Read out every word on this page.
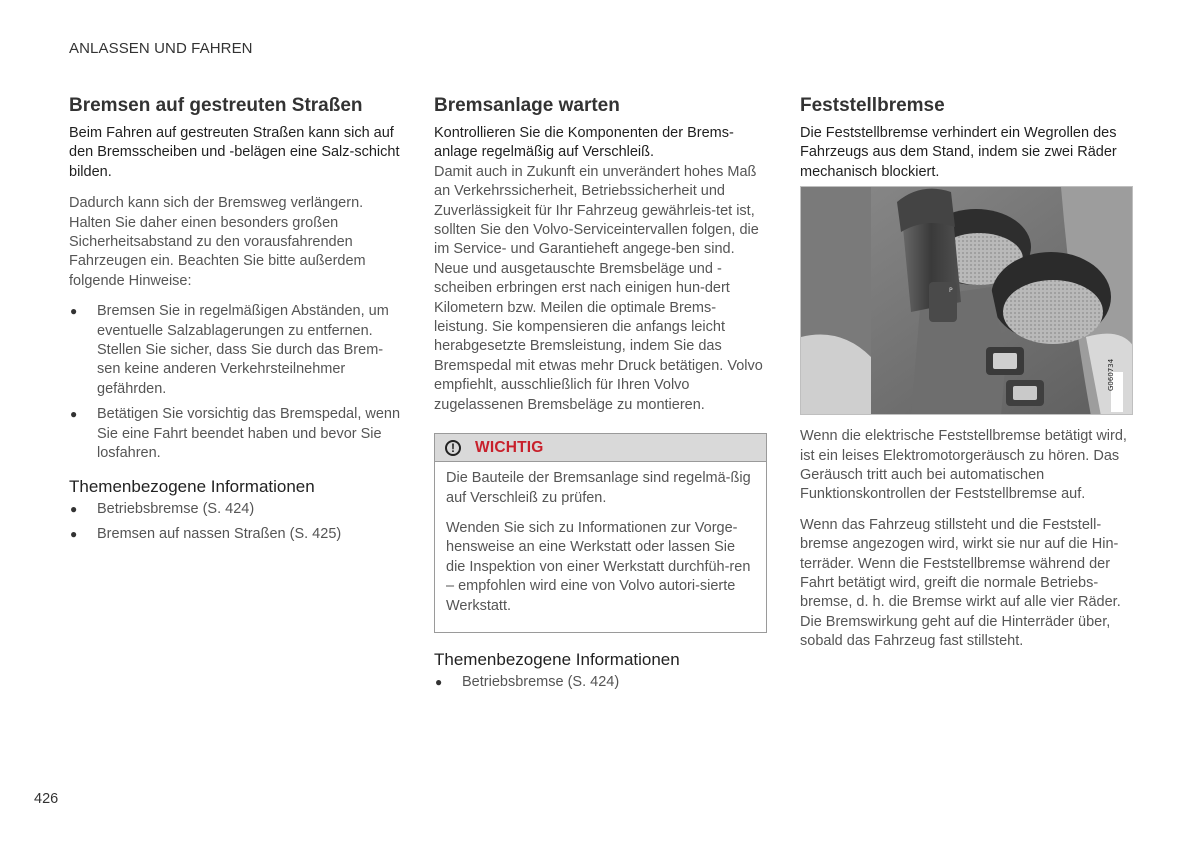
ANLASSEN UND FAHREN
Bremsen auf gestreuten Straßen

Beim Fahren auf gestreuten Straßen kann sich auf den Bremsscheiben und -belägen eine Salz-schicht bilden.

Dadurch kann sich der Bremsweg verlängern. Halten Sie daher einen besonders großen Sicherheitsabstand zu den vorausfahrenden Fahrzeugen ein. Beachten Sie bitte außerdem folgende Hinweise:

● Bremsen Sie in regelmäßigen Abständen, um eventuelle Salzablagerungen zu entfernen. Stellen Sie sicher, dass Sie durch das Brem-sen keine anderen Verkehrsteilnehmer gefährden.
● Betätigen Sie vorsichtig das Bremspedal, wenn Sie eine Fahrt beendet haben und bevor Sie losfahren.
Themenbezogene Informationen
● Betriebsbremse (S. 424)
● Bremsen auf nassen Straßen (S. 425)
Bremsanlage warten

Kontrollieren Sie die Komponenten der Brems-anlage regelmäßig auf Verschleiß.

Damit auch in Zukunft ein unverändert hohes Maß an Verkehrssicherheit, Betriebssicherheit und Zuverlässigkeit für Ihr Fahrzeug gewährleis-tet ist, sollten Sie den Volvo-Serviceintervallen folgen, die im Service- und Garantieheft angege-ben sind. Neue und ausgetauschte Bremsbeläge und -scheiben erbringen erst nach einigen hun-dert Kilometern bzw. Meilen die optimale Brems-leistung. Sie kompensieren die anfangs leicht herabgesetzte Bremsleistung, indem Sie das Bremspedal mit etwas mehr Druck betätigen. Volvo empfiehlt, ausschließlich für Ihren Volvo zugelassenen Bremsbeläge zu montieren.

!	WICHTIG

Die Bauteile der Bremsanlage sind regelmä-ßig auf Verschleiß zu prüfen.

Wenden Sie sich zu Informationen zur Vorge-hensweise an eine Werkstatt oder lassen Sie die Inspektion von einer Werkstatt durchfüh-ren – empfohlen wird eine von Volvo autori-sierte Werkstatt.

Themenbezogene Informationen
● Betriebsbremse (S. 424)
Feststellbremse

Die Feststellbremse verhindert ein Wegrollen des Fahrzeugs aus dem Stand, indem sie zwei Räder mechanisch blockiert.

P
G060734

Wenn die elektrische Feststellbremse betätigt wird, ist ein leises Elektromotorgeräusch zu hören. Das Geräusch tritt auch bei automatischen Funktionskontrollen der Feststellbremse auf.

Wenn das Fahrzeug stillsteht und die Feststell-bremse angezogen wird, wirkt sie nur auf die Hin-terräder. Wenn die Feststellbremse während der Fahrt betätigt wird, greift die normale Betriebs-bremse, d. h. die Bremse wirkt auf alle vier Räder. Die Bremswirkung geht auf die Hinterräder über, sobald das Fahrzeug fast stillsteht.

426
